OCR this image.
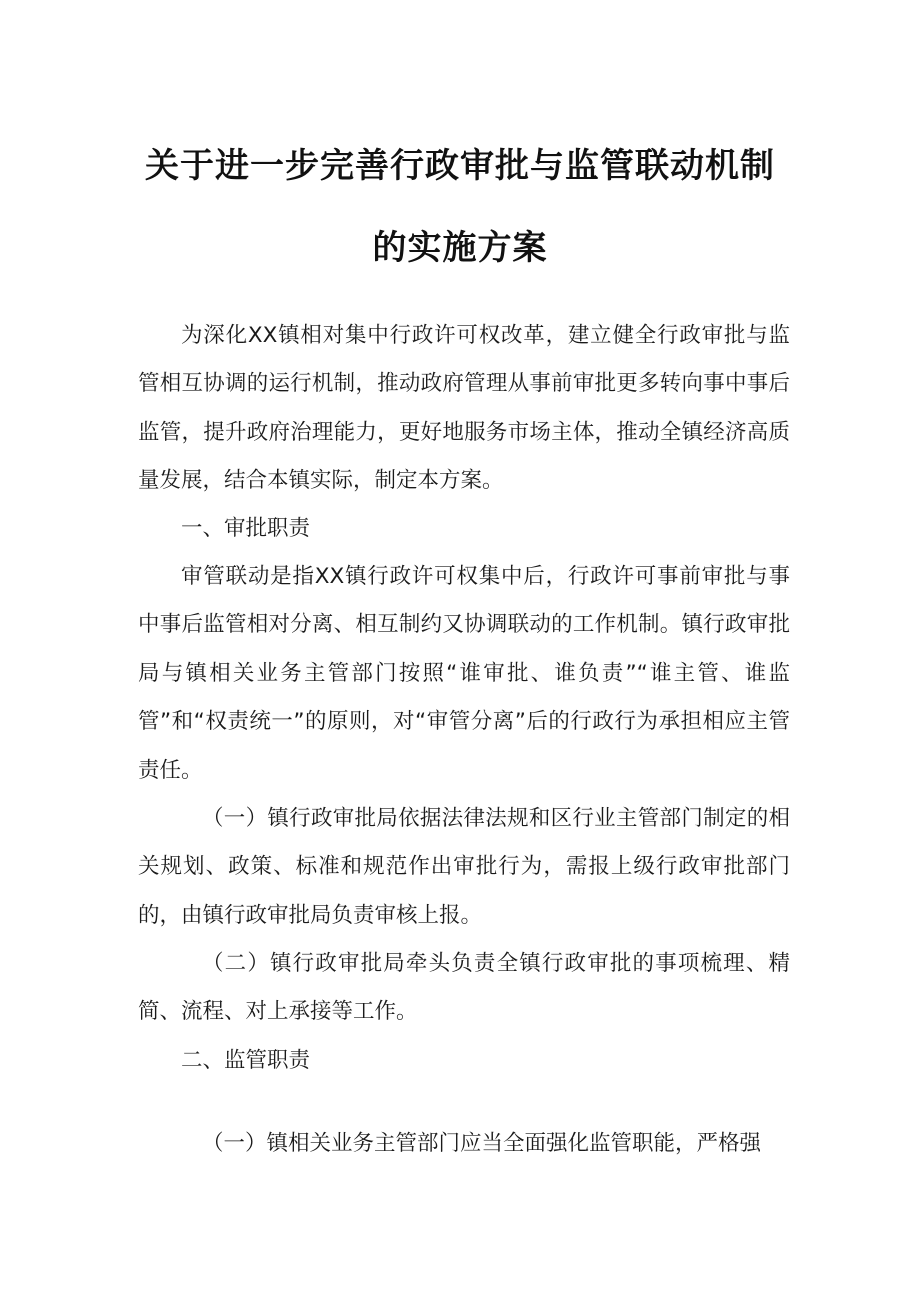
关于进一步完善行政审批与监管联动机制
的实施方案
为深化XX镇相对集中行政许可权改革，建立健全行政审批与监管相互协调的运行机制，推动政府管理从事前审批更多转向事中事后监管，提升政府治理能力，更好地服务市场主体，推动全镇经济高质量发展，结合本镇实际，制定本方案。
一、审批职责
审管联动是指XX镇行政许可权集中后，行政许可事前审批与事中事后监管相对分离、相互制约又协调联动的工作机制。镇行政审批局与镇相关业务主管部门按照“谁审批、谁负责”“谁主管、谁监管”和“权责统一”的原则，对“审管分离”后的行政行为承担相应主管责任。
（一）镇行政审批局依据法律法规和区行业主管部门制定的相关规划、政策、标准和规范作出审批行为，需报上级行政审批部门的，由镇行政审批局负责审核上报。
（二）镇行政审批局牵头负责全镇行政审批的事项梳理、精简、流程、对上承接等工作。
二、监管职责
（一）镇相关业务主管部门应当全面强化监管职能，严格强
